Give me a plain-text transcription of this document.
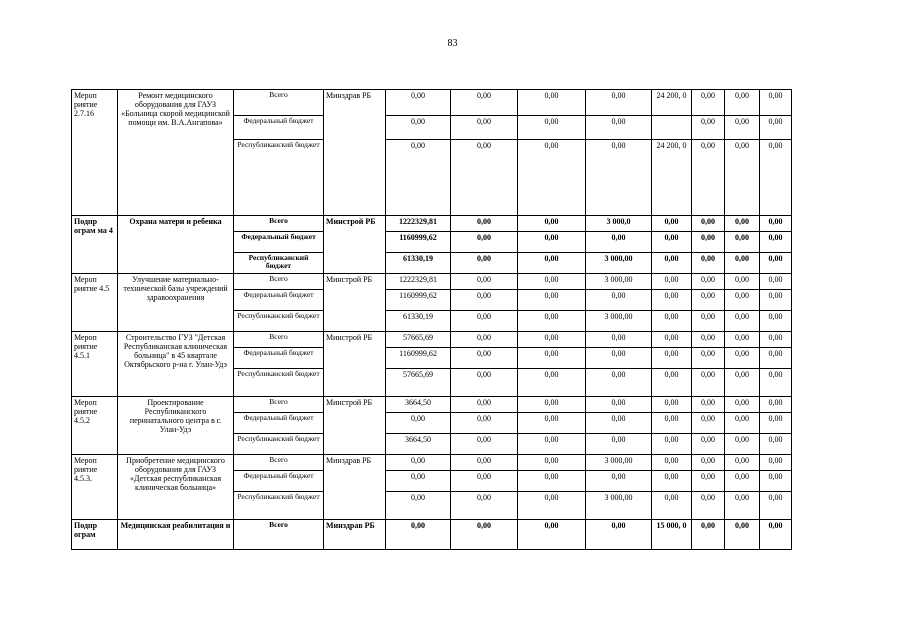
83
Мероп риятие 2.7.16	Ремонт медицинского оборудования для ГАУЗ «Больница скорой медицинской помощи им. В.А.Ангапова»	Всего	Минздрав РБ	0,00	0,00	0,00	0,00	24 200, 0	0,00	0,00	0,00
		Федеральный бюджет		0,00	0,00	0,00	0,00		0,00	0,00	0,00
		Республиканский бюджет		0,00	0,00	0,00	0,00	24 200, 0	0,00	0,00	0,00
Подпр ограм ма 4	Охрана матери и ребенка	Всего	Минстрой РБ	1222329,81	0,00	0,00	3 000,0	0,00	0,00	0,00	0,00
		Федеральный бюджет		1160999,62	0,00	0,00	0,00	0,00	0,00	0,00	0,00
		Республиканский бюджет		61330,19	0,00	0,00	3 000,00	0,00	0,00	0,00	0,00
Мероп риятие 4.5	Улучшение материально-технической базы учреждений здравоохранения	Всего	Минстрой РБ	1222329,81	0,00	0,00	3 000,00	0,00	0,00	0,00	0,00
		Федеральный бюджет		1160999,62	0,00	0,00	0,00	0,00	0,00	0,00	0,00
		Республиканский бюджет		61330,19	0,00	0,00	3 000,00	0,00	0,00	0,00	0,00
Мероп риятие 4.5.1	Строительство ГУЗ "Детская Республиканская клиническая больница" в 45 квартале Октябрьского р-на г. Улан-Удэ	Всего	Минстрой РБ	57665,69	0,00	0,00	0,00	0,00	0,00	0,00	0,00
		Федеральный бюджет		1160999,62	0,00	0,00	0,00	0,00	0,00	0,00	0,00
		Республиканский бюджет		57665,69	0,00	0,00	0,00	0,00	0,00	0,00	0,00
Мероп риятие 4.5.2	Проектирование Республиканского перинатального центра в г. Улан-Удэ	Всего	Минстрой РБ	3664,50	0,00	0,00	0,00	0,00	0,00	0,00	0,00
		Федеральный бюджет		0,00	0,00	0,00	0,00	0,00	0,00	0,00	0,00
		Республиканский бюджет		3664,50	0,00	0,00	0,00	0,00	0,00	0,00	0,00
Мероп риятие 4.5.3.	Приобретение медицинского оборудования для ГАУЗ «Детская республиканская клиническая больница»	Всего	Минздрав РБ	0,00	0,00	0,00	3 000,00	0,00	0,00	0,00	0,00
		Федеральный бюджет		0,00	0,00	0,00	0,00	0,00	0,00	0,00	0,00
		Республиканский бюджет		0,00	0,00	0,00	3 000,00	0,00	0,00	0,00	0,00
Подпр ограм	Медицинская реабилитация и	Всего	Минздрав РБ	0,00	0,00	0,00	0,00	15 000, 0	0,00	0,00	0,00
